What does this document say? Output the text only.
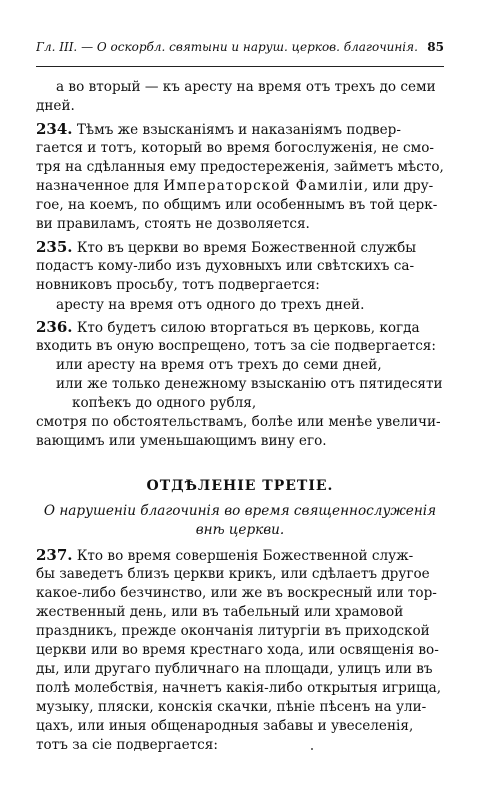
Гл. III. — О оскорбл. святыни и наруш. церков. благочинія. 85
а во вторый — къ аресту на время отъ трехъ до семи
дней.
234. Тѣмъ же взысканіямъ и наказаніямъ подвер-
гается и тотъ, который во время богослуженія, не смо-
тря на сдѣланныя ему предостереженія, займетъ мѣсто,
назначенное для Императорской Фамиліи, или дру-
гое, на коемъ, по общимъ или особеннымъ въ той церк-
ви правиламъ, стоять не дозволяется.
235. Кто въ церкви во время Божественной службы
подастъ кому-либо изъ духовныхъ или свѣтскихъ са-
новниковъ просьбу, тотъ подвергается:
аресту на время отъ одного до трехъ дней.
236. Кто будетъ силою вторгаться въ церковь, когда
входить въ оную воспрещено, тотъ за сіе подвергается:
или аресту на время отъ трехъ до семи дней,
или же только денежному взысканію отъ пятидесяти
копѣекъ до одного рубля,
смотря по обстоятельствамъ, болѣе или менѣе увеличи-
вающимъ или уменьшающимъ вину его.
ОТДѢЛЕНІЕ ТРЕТІЕ.
О нарушеніи благочинія во время священнослуженія
внѣ церкви.
237. Кто во время совершенія Божественной служ-
бы заведетъ близъ церкви крикъ, или сдѣлаетъ другое
какое-либо безчинство, или же въ воскресный или тор-
жественный день, или въ табельный или храмовой
праздникъ, прежде окончанія литургіи въ приходской
церкви или во время крестнаго хода, или освященія во-
ды, или другаго публичнаго на площади, улицъ или въ
полѣ молебствія, начнетъ какія-либо открытыя игрища,
музыку, пляски, конскія скачки, пѣніе пѣсенъ на ули-
цахъ, или иныя общенародныя забавы и увеселенія,
тотъ за сіе подвергается:
